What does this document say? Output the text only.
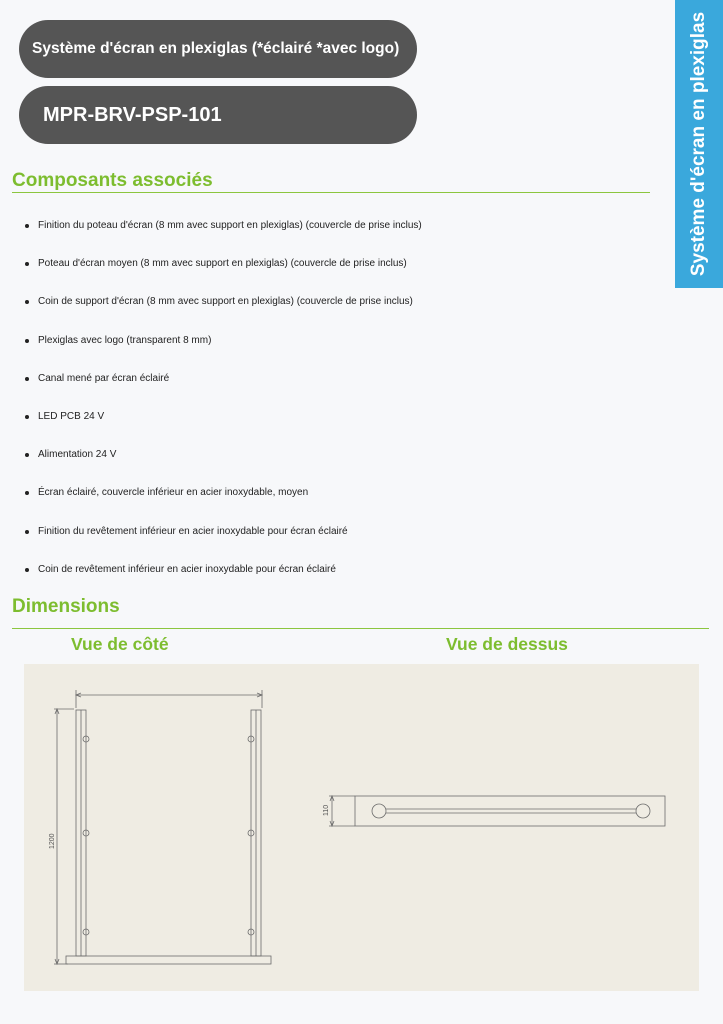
Système d'écran en plexiglas (*éclairé *avec logo)
MPR-BRV-PSP-101	Système d'écran en plexiglas
Composants associés
Finition du poteau d'écran (8 mm avec support en plexiglas) (couvercle de prise inclus)
Poteau d'écran moyen (8 mm avec support en plexiglas) (couvercle de prise inclus)
Coin de support d'écran (8 mm avec support en plexiglas) (couvercle de prise inclus)
Plexiglas avec logo (transparent 8 mm)
Canal mené par écran éclairé
LED PCB 24 V
Alimentation 24 V
Écran éclairé, couvercle inférieur en acier inoxydable, moyen
Finition du revêtement inférieur en acier inoxydable pour écran éclairé
Coin de revêtement inférieur en acier inoxydable pour écran éclairé
Dimensions
Vue de côté	Vue de dessus
1200
110
